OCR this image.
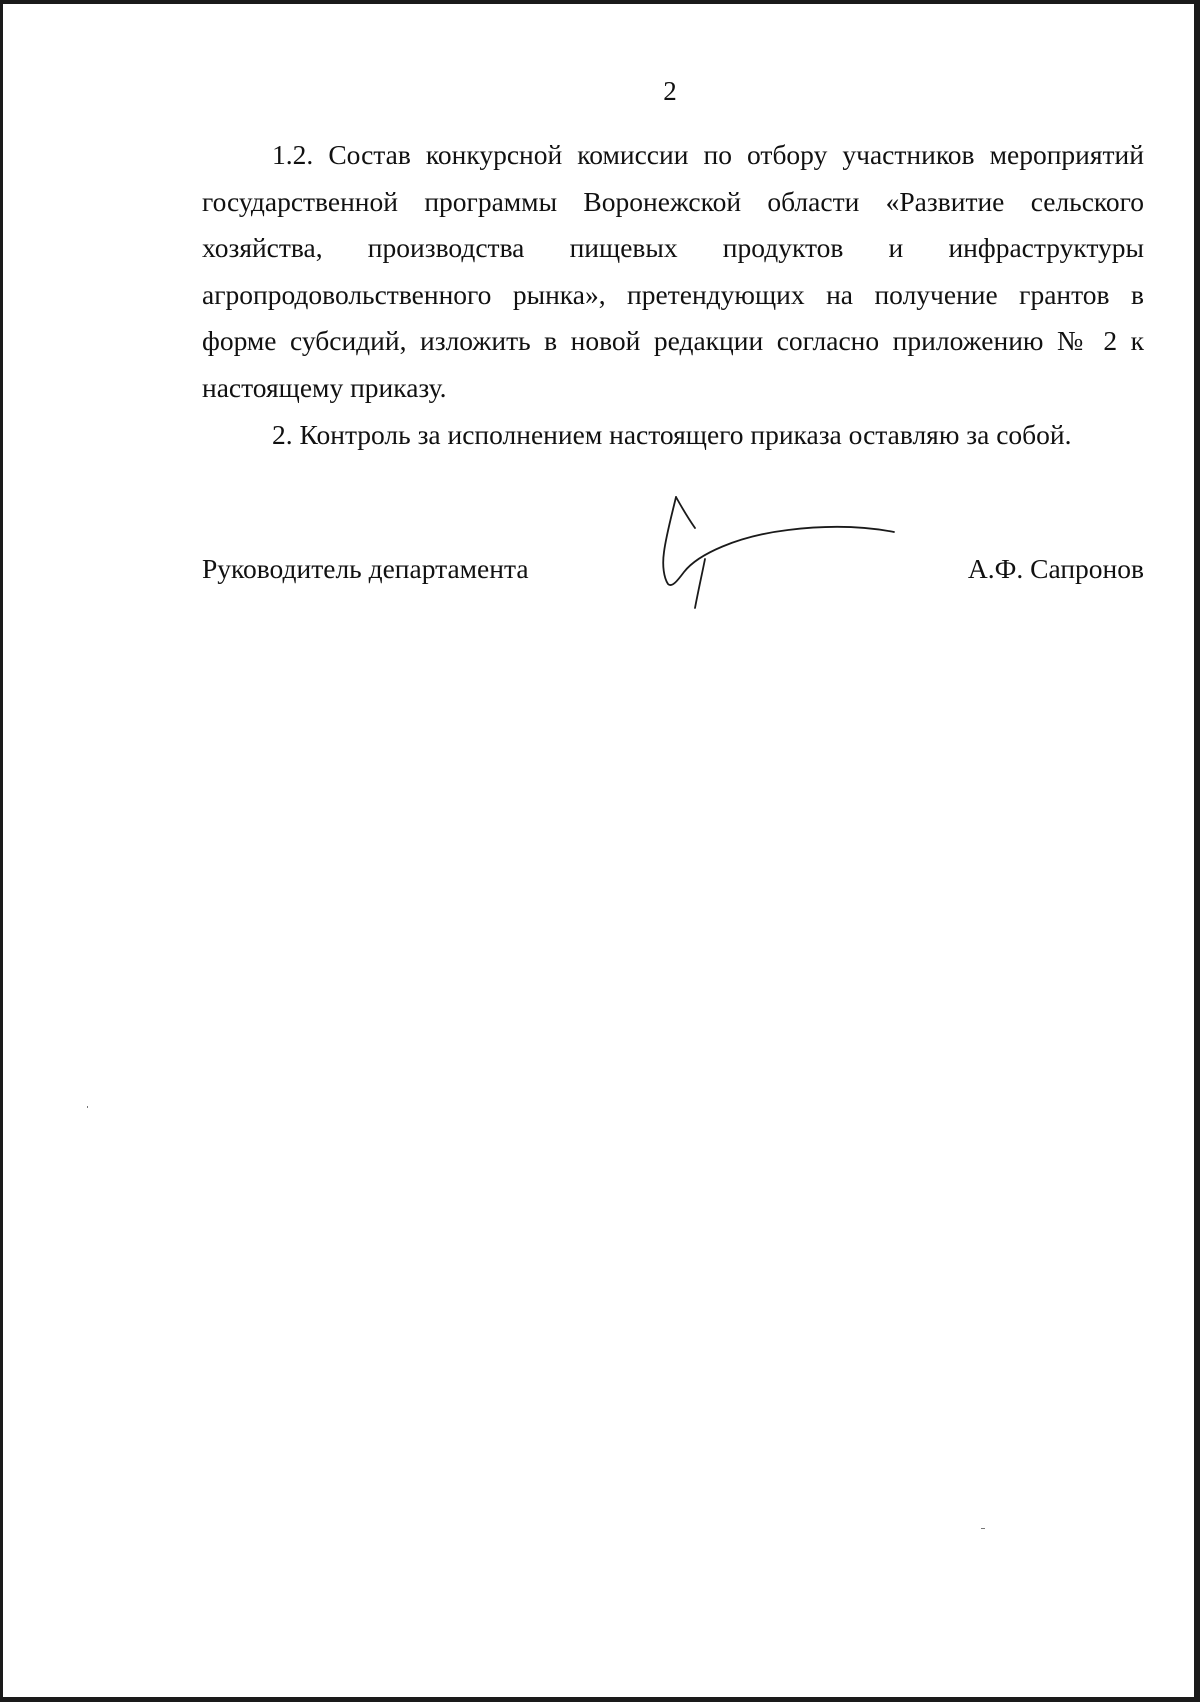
2

1.2. Состав конкурсной комиссии по отбору участников мероприятий
государственной программы Воронежской области «Развитие сельского
хозяйства, производства пищевых продуктов и инфраструктуры
агропродовольственного рынка», претендующих на получение грантов в
форме субсидий, изложить в новой редакции согласно приложению № 2 к
настоящему приказу.

2. Контроль за исполнением настоящего приказа оставляю за собой.

Руководитель департамента	А.Ф. Сапронов
